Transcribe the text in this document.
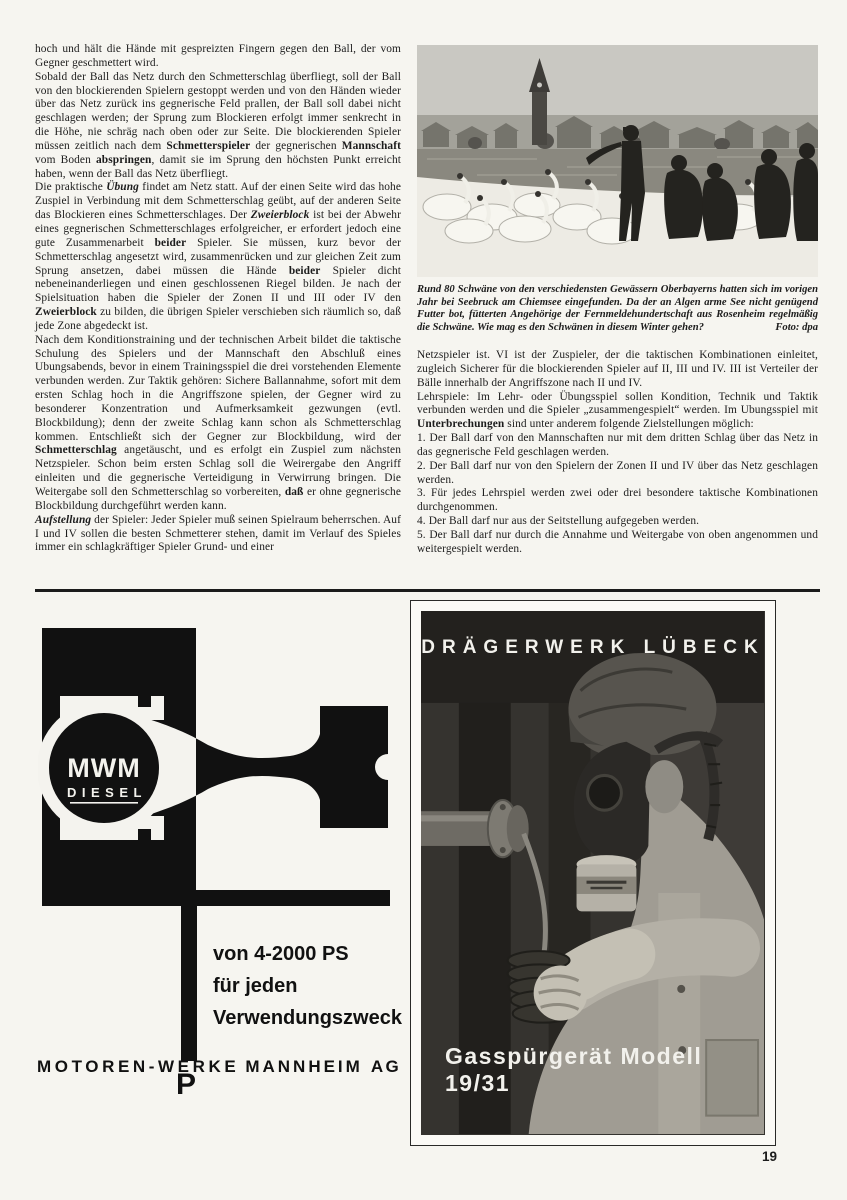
hoch und hält die Hände mit gespreizten Fingern gegen den Ball, der vom Gegner geschmettert wird.

Sobald der Ball das Netz durch den Schmetterschlag überfliegt, soll der Ball von den blockierenden Spielern gestoppt werden und von den Händen wieder über das Netz zurück ins gegnerische Feld prallen, der Ball soll dabei nicht geschlagen werden; der Sprung zum Blockieren erfolgt immer senkrecht in die Höhe, nie schräg nach oben oder zur Seite. Die blockierenden Spieler müssen zeitlich nach dem Schmetterspieler der gegnerischen Mannschaft vom Boden abspringen, damit sie im Sprung den höchsten Punkt erreicht haben, wenn der Ball das Netz überfliegt.

Die praktische Übung findet am Netz statt. Auf der einen Seite wird das hohe Zuspiel in Verbindung mit dem Schmetterschlag geübt, auf der anderen Seite das Blockieren eines Schmetterschlages. Der Zweierblock ist bei der Abwehr eines gegnerischen Schmetterschlages erfolgreicher, er erfordert jedoch eine gute Zusammenarbeit beider Spieler. Sie müssen, kurz bevor der Schmetterschlag angesetzt wird, zusammenrücken und zur gleichen Zeit zum Sprung ansetzen, dabei müssen die Hände beider Spieler dicht nebeneinanderliegen und einen geschlossenen Riegel bilden. Je nach der Spielsituation haben die Spieler der Zonen II und III oder IV den Zweierblock zu bilden, die übrigen Spieler verschieben sich räumlich so, daß jede Zone abgedeckt ist.

Nach dem Konditionstraining und der technischen Arbeit bildet die taktische Schulung des Spielers und der Mannschaft den Abschluß eines Ubungsabends, bevor in einem Trainingsspiel die drei vorstehenden Elemente verbunden werden. Zur Taktik gehören: Sichere Ballannahme, sofort mit dem ersten Schlag hoch in die Angriffszone spielen, der Gegner wird zu besonderer Konzentration und Aufmerksamkeit gezwungen (evtl. Blockbildung); denn der zweite Schlag kann schon als Schmetterschlag kommen. Entschließt sich der Gegner zur Blockbildung, wird der Schmetterschlag angetäuscht, und es erfolgt ein Zuspiel zum nächsten Netzspieler. Schon beim ersten Schlag soll die Weirergabe den Angriff einleiten und die gegnerische Verteidigung in Verwirrung bringen. Die Weitergabe soll den Schmetterschlag so vorbereiten, daß er ohne gegnerische Blockbildung durchgeführt werden kann.

Aufstellung der Spieler: Jeder Spieler muß seinen Spielraum beherrschen. Auf I und IV sollen die besten Schmetterer stehen, damit im Verlauf des Spieles immer ein schlagkräftiger Spieler Grund- und einer

Rund 80 Schwäne von den verschiedensten Gewässern Oberbayerns hatten sich im vorigen Jahr bei Seebruck am Chiemsee eingefunden. Da der an Algen arme See nicht genügend Futter bot, fütterten Angehörige der Fernmeldehundertschaft aus Rosenheim regelmäßig die Schwäne. Wie mag es den Schwänen in diesem Winter gehen?	Foto: dpa

Netzspieler ist. VI ist der Zuspieler, der die taktischen Kombinationen einleitet, zugleich Sicherer für die blockierenden Spieler auf II, III und IV. III ist Verteiler der Bälle innerhalb der Angriffszone nach II und IV.

Lehrspiele: Im Lehr- oder Übungsspiel sollen Kondition, Technik und Taktik verbunden werden und die Spieler „zusammengespielt“ werden. Im Ubungsspiel mit Unterbrechungen sind unter anderem folgende Zielstellungen möglich:

1. Der Ball darf von den Mannschaften nur mit dem dritten Schlag über das Netz in das gegnerische Feld geschlagen werden.

2. Der Ball darf nur von den Spielern der Zonen II und IV über das Netz geschlagen werden.

3. Für jedes Lehrspiel werden zwei oder drei besondere taktische Kombinationen durchgenommen.

4. Der Ball darf nur aus der Seitstellung aufgegeben werden.

5. Der Ball darf nur durch die Annahme und Weitergabe von oben angenommen und weitergespielt werden.

MWM
DIESEL
von 4-2000 PS
für jeden
Verwendungszweck
MOTOREN-WERKE MANNHEIM AG
P
DRÄGERWERK LÜBECK
Gasspürgerät Modell 19/31
19
